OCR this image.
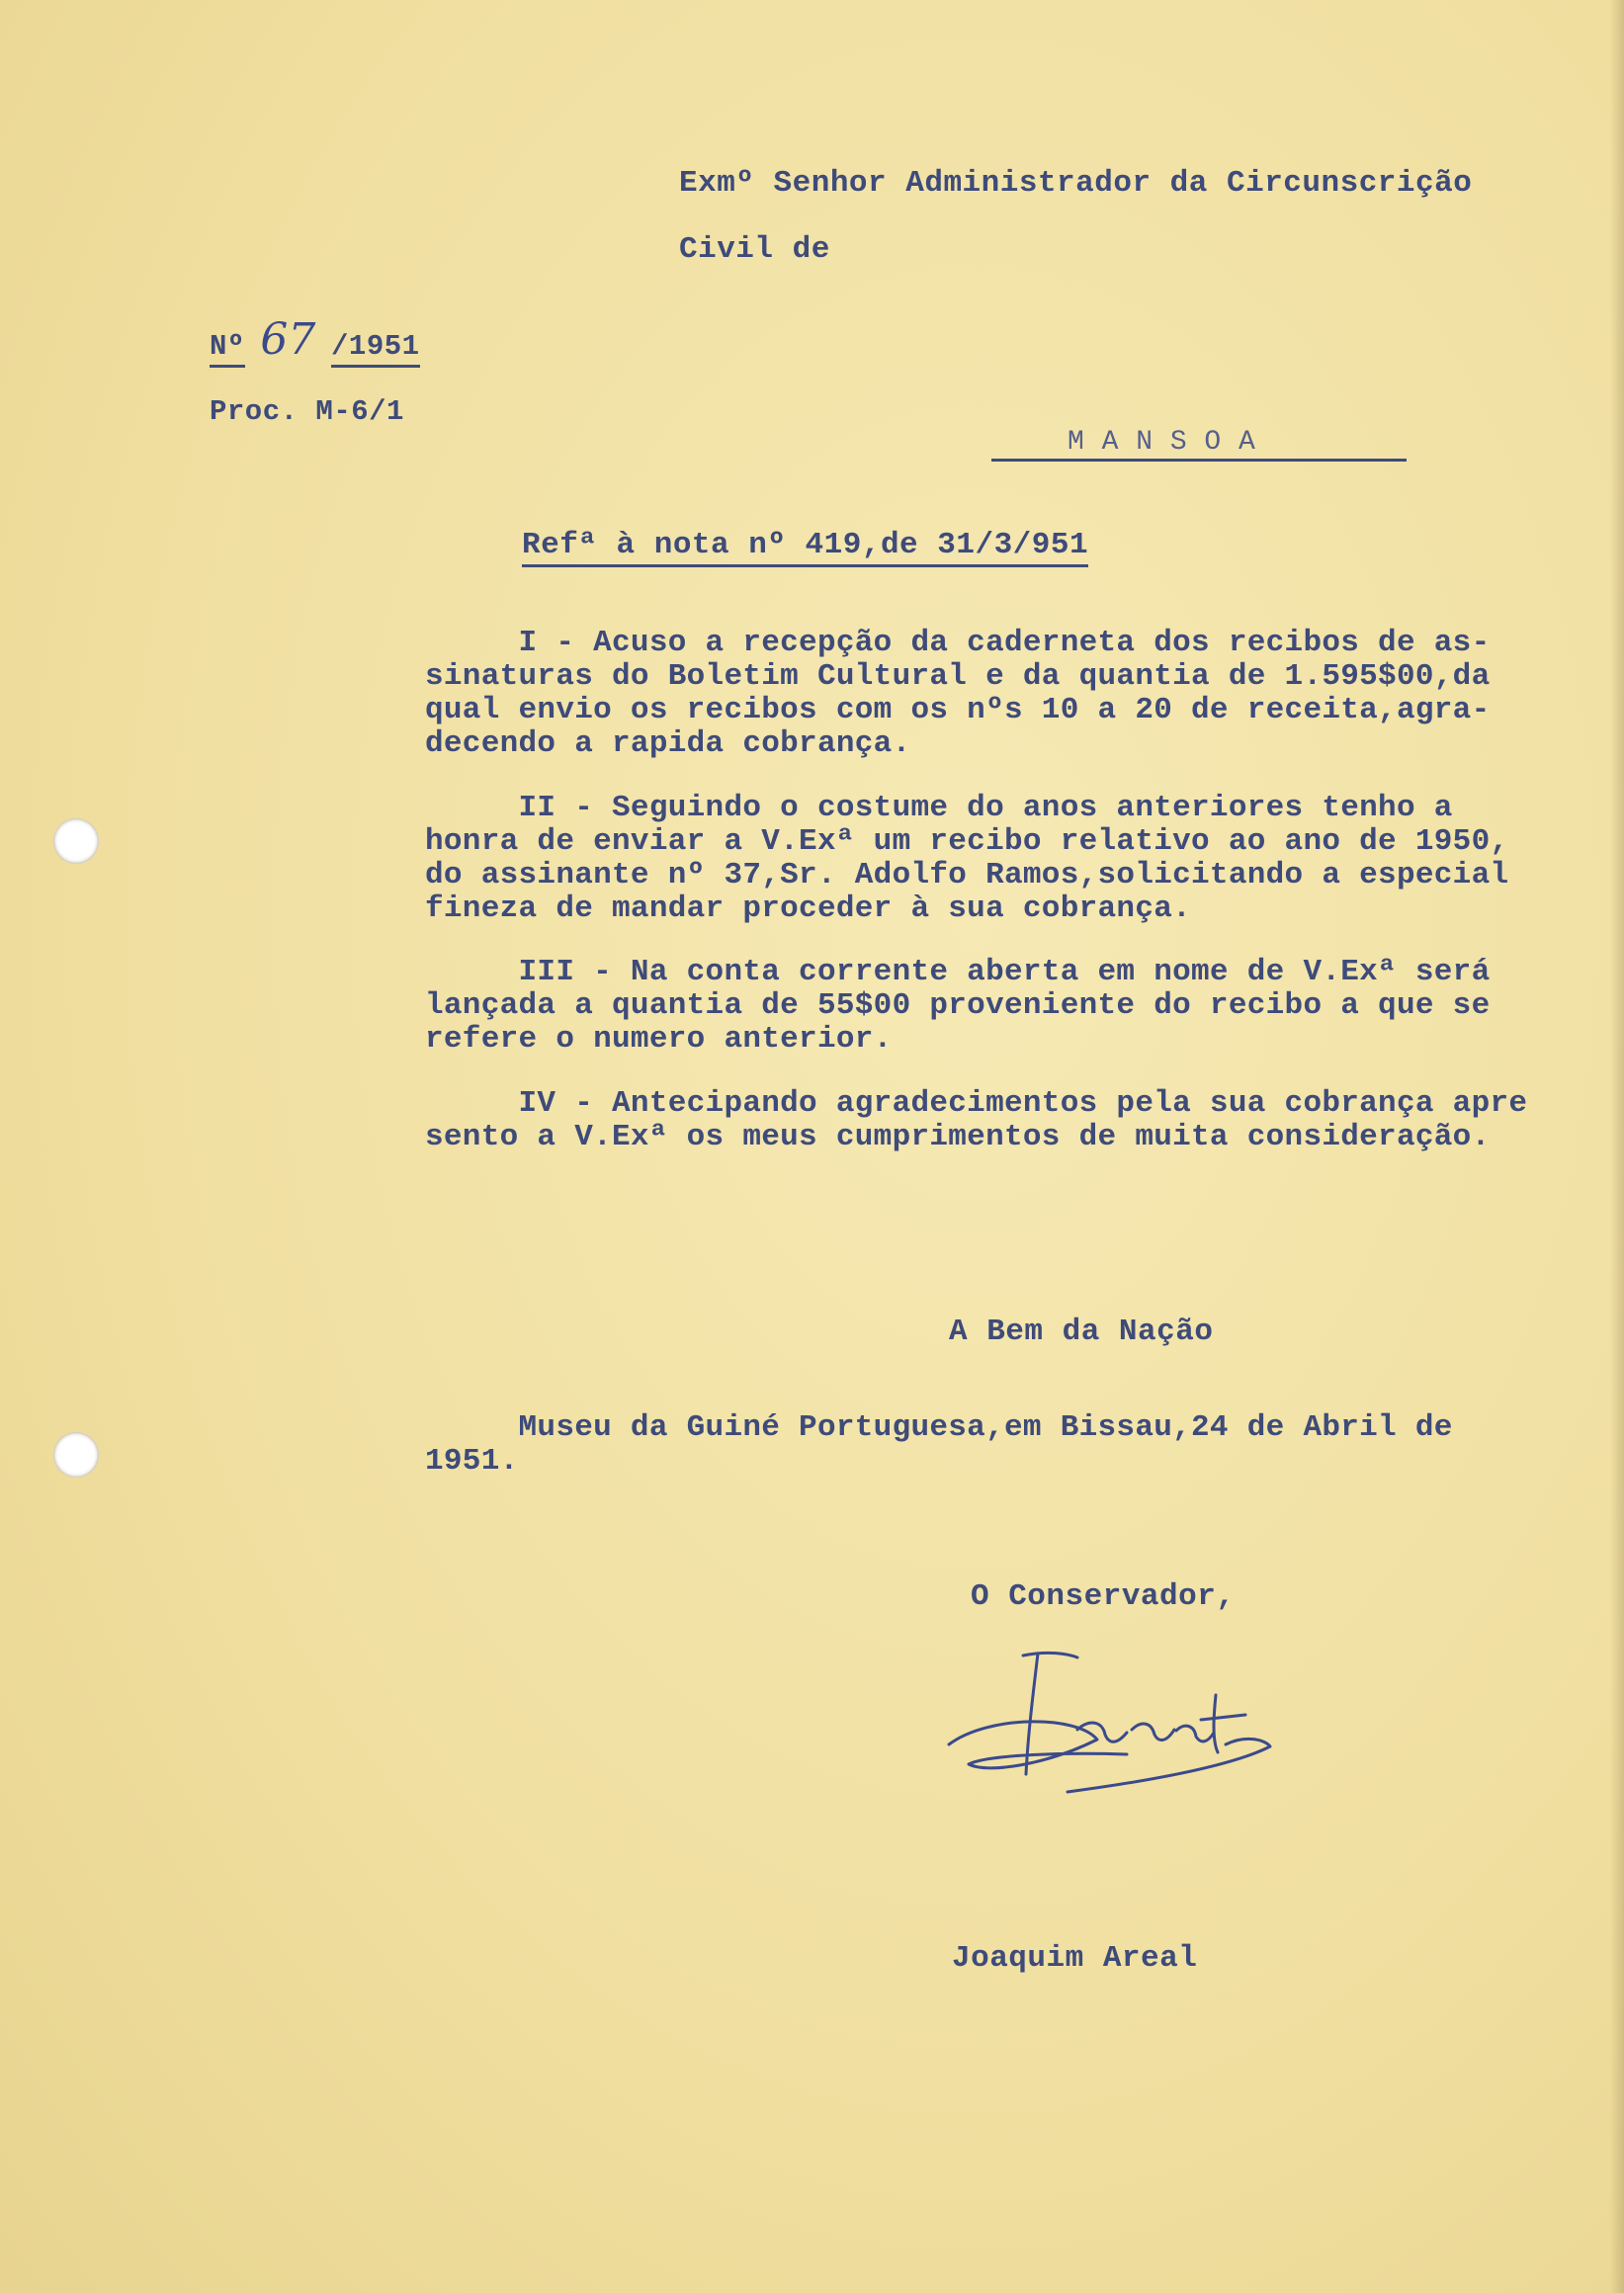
Exmº Senhor Administrador da Circunscrição
Civil de
Nº 67 /1951
Proc. M-6/1
M A N S O A
Refª à nota nº 419,de 31/3/951
I - Acuso a recepção da caderneta dos recibos de as-
sinaturas do Boletim Cultural e da quantia de 1.595$00,da
qual envio os recibos com os nºs 10 a 20 de receita,agra-
decendo a rapida cobrança.
II - Seguindo o costume do anos anteriores tenho a
honra de enviar a V.Exª um recibo relativo ao ano de 1950,
do assinante nº 37,Sr. Adolfo Ramos,solicitando a especial
fineza de mandar proceder à sua cobrança.
III - Na conta corrente aberta em nome de V.Exª será
lançada a quantia de 55$00 proveniente do recibo a que se
refere o numero anterior.
IV - Antecipando agradecimentos pela sua cobrança apre
sento a V.Exª os meus cumprimentos de muita consideração.
A Bem da Nação
Museu da Guiné Portuguesa,em Bissau,24 de Abril de
1951.
O Conservador,
Joaquim Areal
